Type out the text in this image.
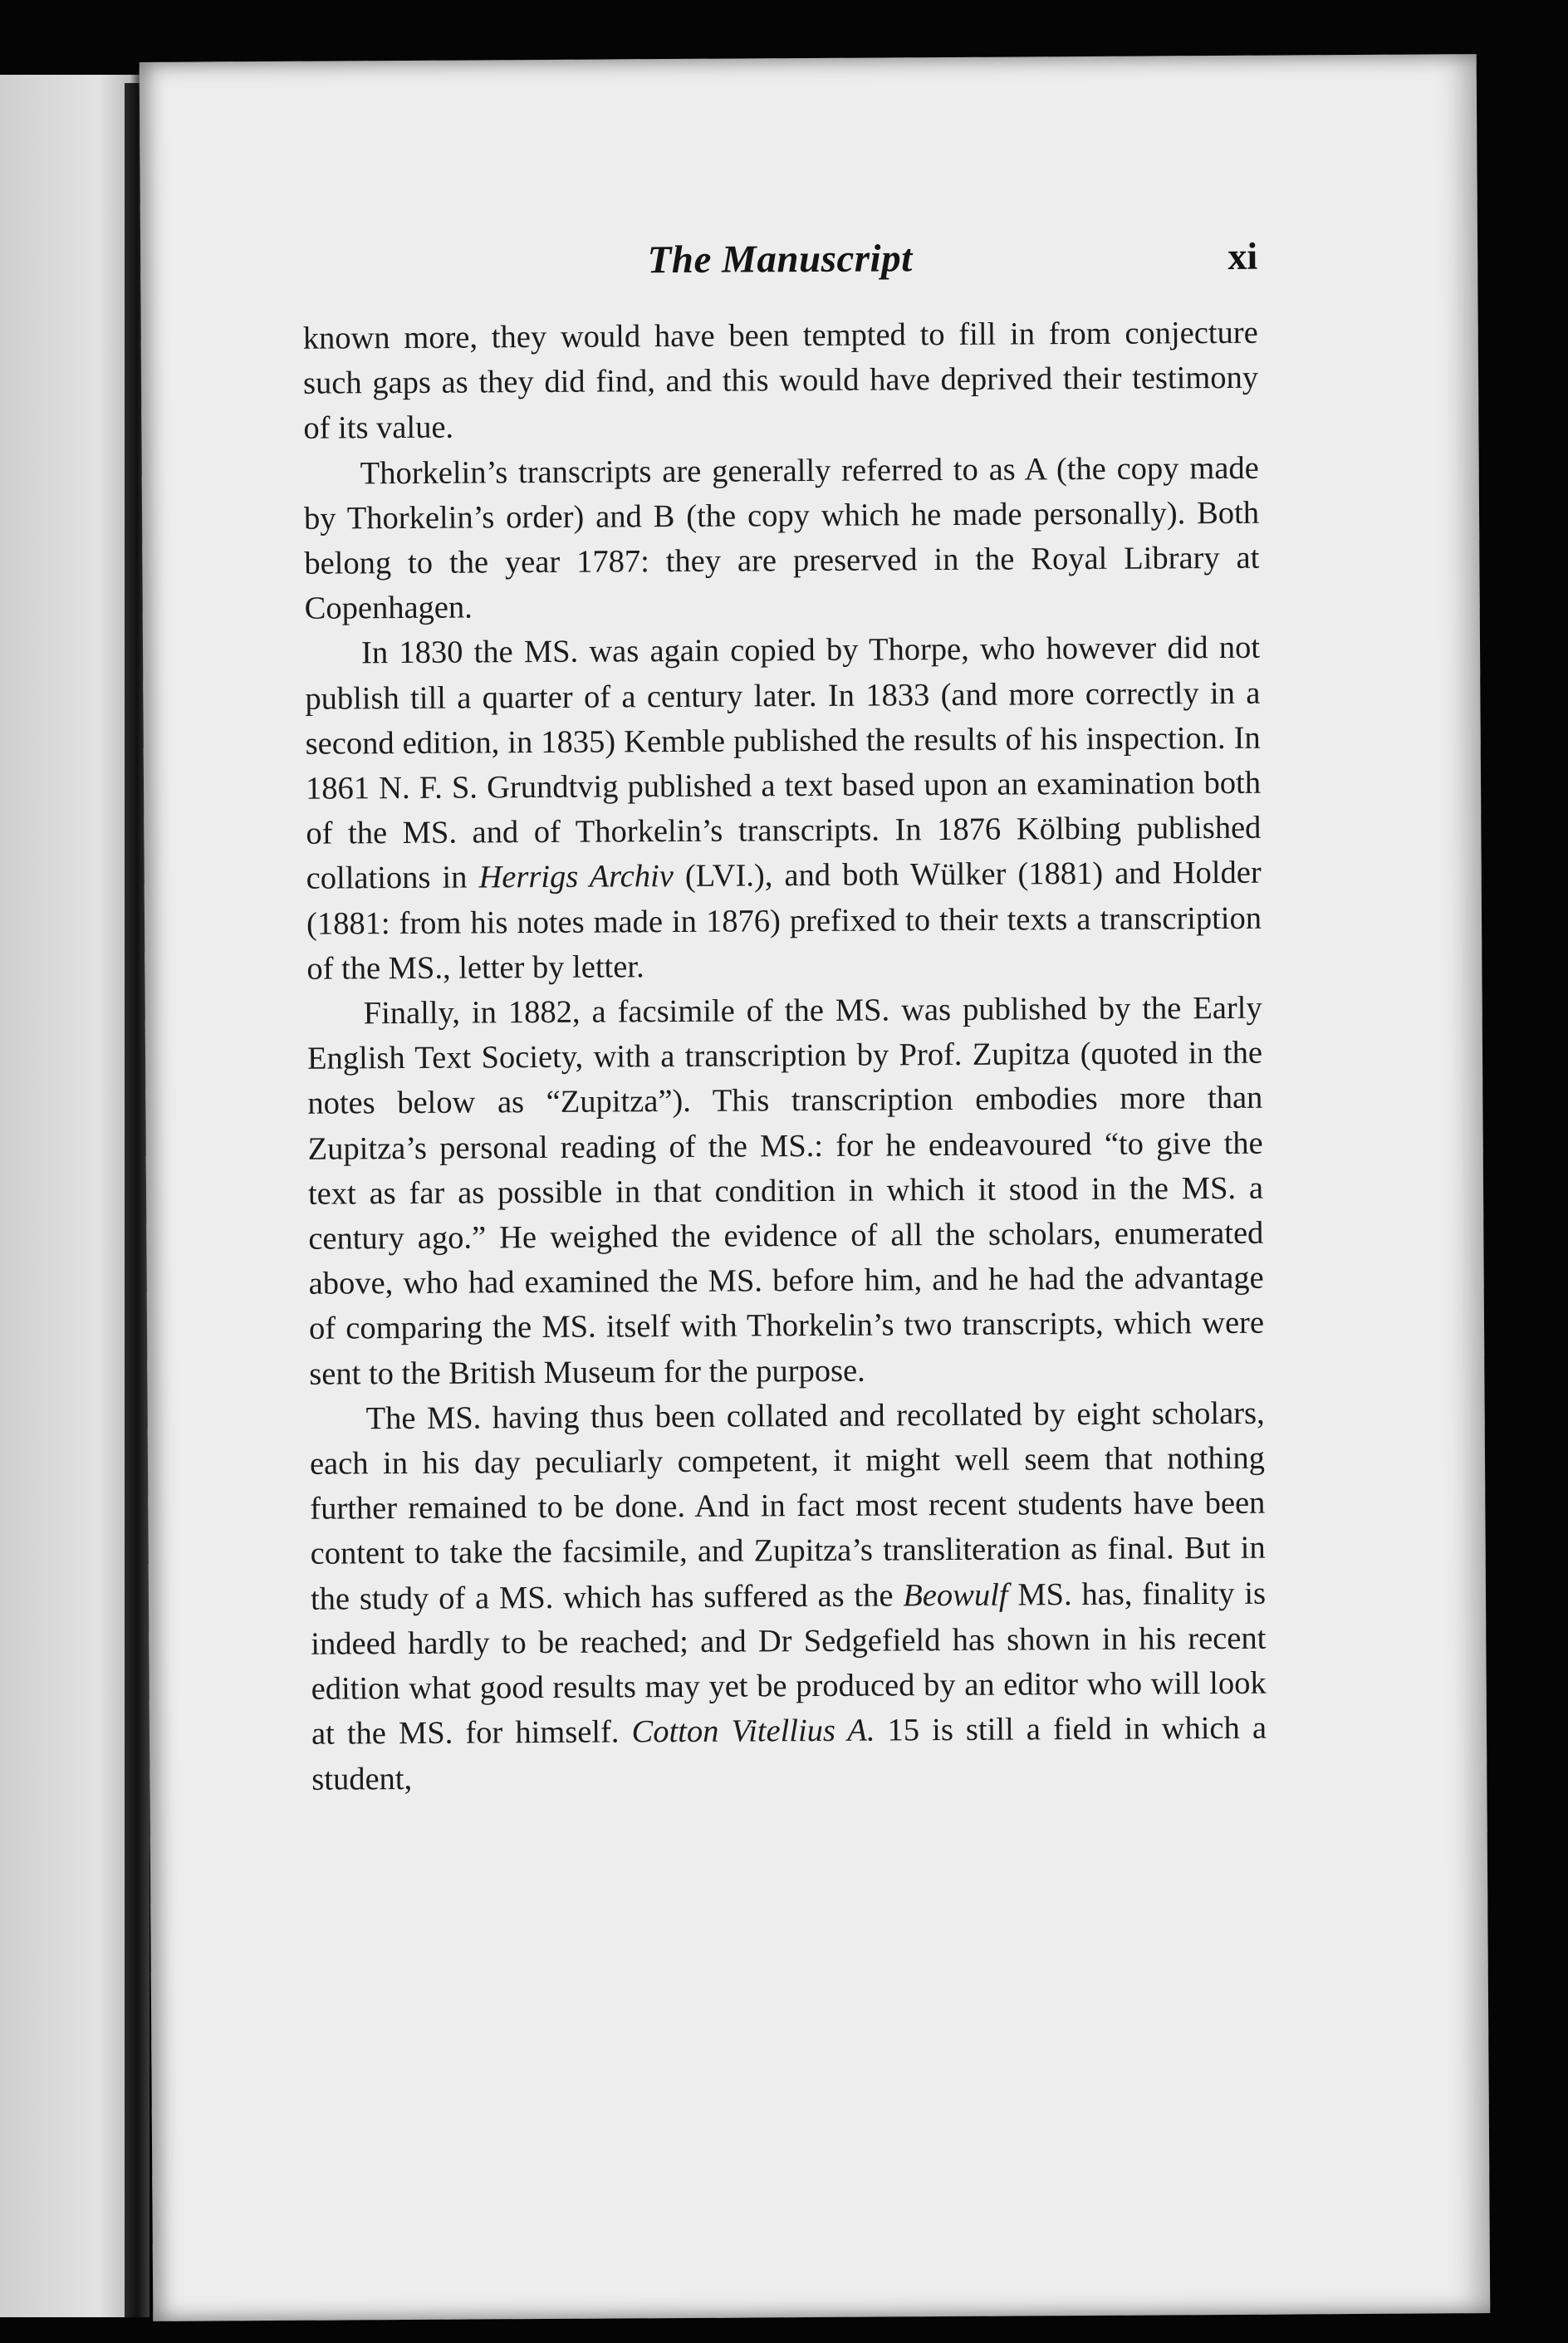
The Manuscript	xi

known more, they would have been tempted to fill in from conjecture such gaps as they did find, and this would have deprived their testimony of its value.

Thorkelin’s transcripts are generally referred to as A (the copy made by Thorkelin’s order) and B (the copy which he made personally). Both belong to the year 1787: they are preserved in the Royal Library at Copenhagen.

In 1830 the MS. was again copied by Thorpe, who however did not publish till a quarter of a century later. In 1833 (and more correctly in a second edition, in 1835) Kemble published the results of his inspection. In 1861 N. F. S. Grundtvig published a text based upon an examination both of the MS. and of Thorkelin’s transcripts. In 1876 Kölbing published collations in Herrigs Archiv (LVI.), and both Wülker (1881) and Holder (1881: from his notes made in 1876) prefixed to their texts a transcription of the MS., letter by letter.

Finally, in 1882, a facsimile of the MS. was published by the Early English Text Society, with a transcription by Prof. Zupitza (quoted in the notes below as “Zupitza”). This transcription embodies more than Zupitza’s personal reading of the MS.: for he endeavoured “to give the text as far as possible in that condition in which it stood in the MS. a century ago.” He weighed the evidence of all the scholars, enumerated above, who had examined the MS. before him, and he had the advantage of comparing the MS. itself with Thorkelin’s two transcripts, which were sent to the British Museum for the purpose.

The MS. having thus been collated and recollated by eight scholars, each in his day peculiarly competent, it might well seem that nothing further remained to be done. And in fact most recent students have been content to take the facsimile, and Zupitza’s transliteration as final. But in the study of a MS. which has suffered as the Beowulf MS. has, finality is indeed hardly to be reached; and Dr Sedgefield has shown in his recent edition what good results may yet be produced by an editor who will look at the MS. for himself. Cotton Vitellius A. 15 is still a field in which a student,
